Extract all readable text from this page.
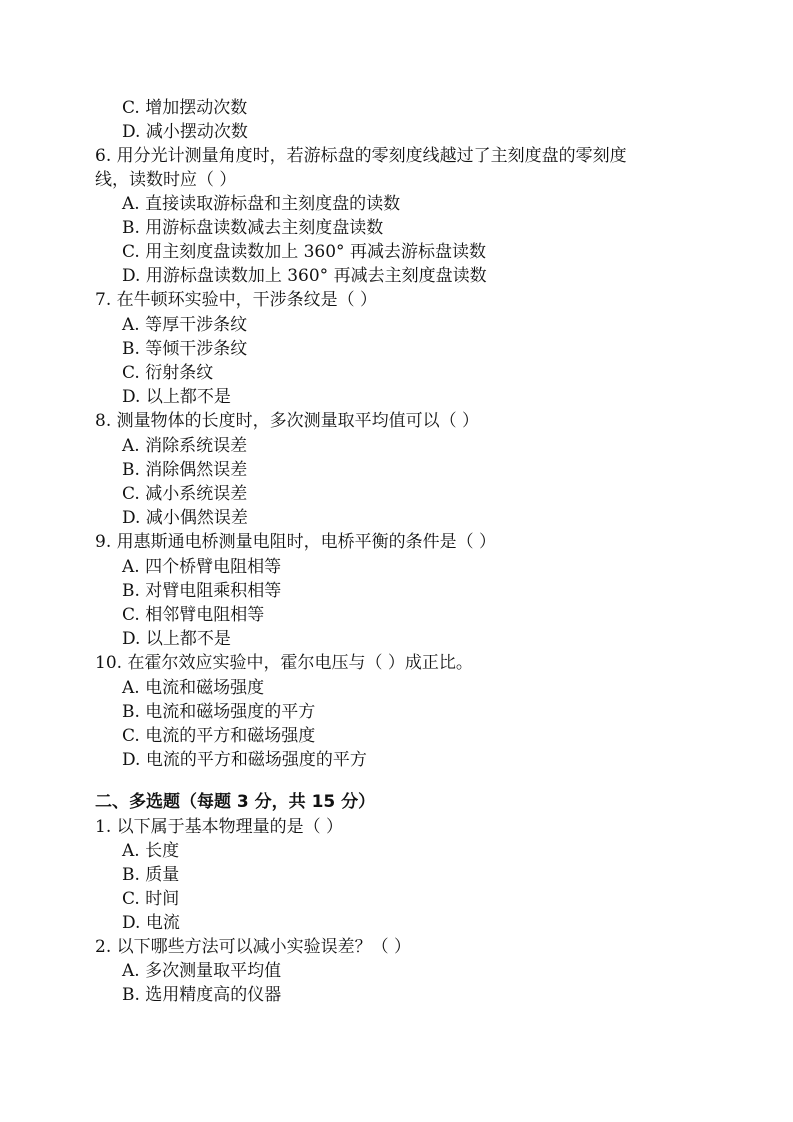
C. 增加摆动次数
D. 减小摆动次数
6. 用分光计测量角度时，若游标盘的零刻度线越过了主刻度盘的零刻度
线，读数时应（ ）
A. 直接读取游标盘和主刻度盘的读数
B. 用游标盘读数减去主刻度盘读数
C. 用主刻度盘读数加上 360° 再减去游标盘读数
D. 用游标盘读数加上 360° 再减去主刻度盘读数
7. 在牛顿环实验中，干涉条纹是（ ）
A. 等厚干涉条纹
B. 等倾干涉条纹
C. 衍射条纹
D. 以上都不是
8. 测量物体的长度时，多次测量取平均值可以（ ）
A. 消除系统误差
B. 消除偶然误差
C. 减小系统误差
D. 减小偶然误差
9. 用惠斯通电桥测量电阻时，电桥平衡的条件是（ ）
A. 四个桥臂电阻相等
B. 对臂电阻乘积相等
C. 相邻臂电阻相等
D. 以上都不是
10. 在霍尔效应实验中，霍尔电压与（ ）成正比。
A. 电流和磁场强度
B. 电流和磁场强度的平方
C. 电流的平方和磁场强度
D. 电流的平方和磁场强度的平方
二、多选题（每题 3 分，共 15 分）
1. 以下属于基本物理量的是（ ）
A. 长度
B. 质量
C. 时间
D. 电流
2. 以下哪些方法可以减小实验误差？（ ）
A. 多次测量取平均值
B. 选用精度高的仪器
